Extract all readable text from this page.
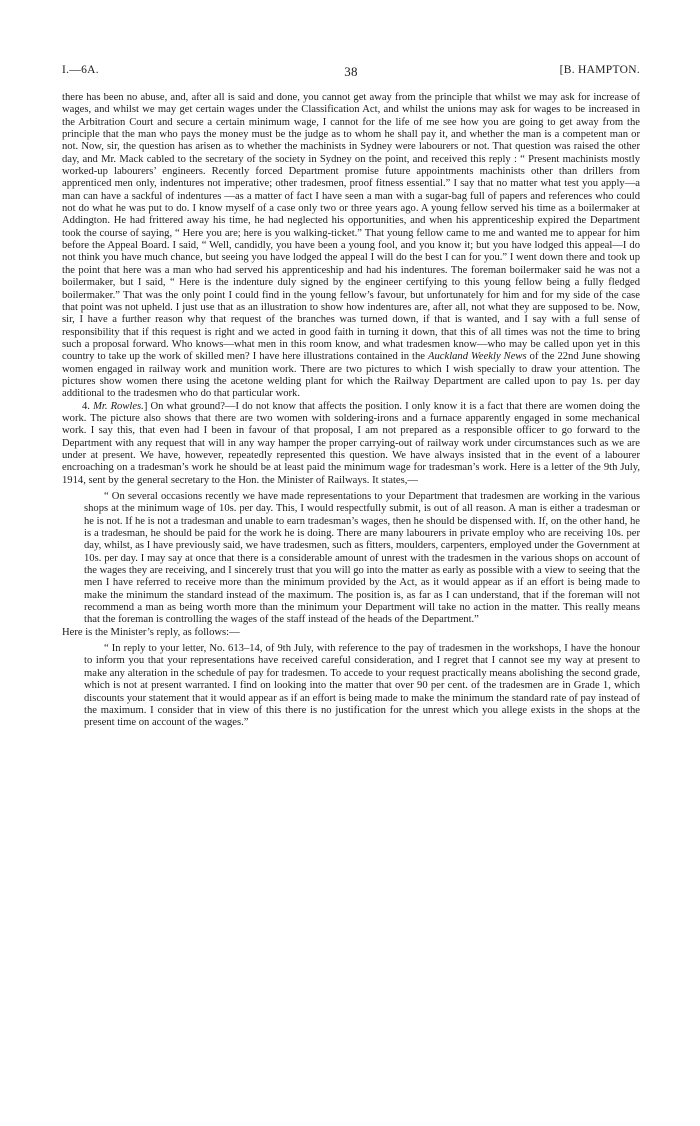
I.—6A.	38	[B. HAMPTON.

there has been no abuse, and, after all is said and done, you cannot get away from the principle that whilst we may ask for increase of wages, and whilst we may get certain wages under the Classification Act, and whilst the unions may ask for wages to be increased in the Arbitration Court and secure a certain minimum wage, I cannot for the life of me see how you are going to get away from the principle that the man who pays the money must be the judge as to whom he shall pay it, and whether the man is a competent man or not. Now, sir, the question has arisen as to whether the machinists in Sydney were labourers or not. That question was raised the other day, and Mr. Mack cabled to the secretary of the society in Sydney on the point, and received this reply : “ Present machinists mostly worked-up labourers’ engineers. Recently forced Department promise future appointments machinists other than drillers from apprenticed men only, indentures not imperative; other tradesmen, proof fitness essential.” I say that no matter what test you apply—a man can have a sackful of indentures —as a matter of fact I have seen a man with a sugar-bag full of papers and references who could not do what he was put to do. I know myself of a case only two or three years ago. A young fellow served his time as a boilermaker at Addington. He had frittered away his time, he had neglected his opportunities, and when his apprenticeship expired the Department took the course of saying, “ Here you are; here is you walking-ticket.” That young fellow came to me and wanted me to appear for him before the Appeal Board. I said, “ Well, candidly, you have been a young fool, and you know it; but you have lodged this appeal—I do not think you have much chance, but seeing you have lodged the appeal I will do the best I can for you.” I went down there and took up the point that here was a man who had served his apprenticeship and had his indentures. The foreman boilermaker said he was not a boilermaker, but I said, “ Here is the indenture duly signed by the engineer certifying to this young fellow being a fully fledged boilermaker.” That was the only point I could find in the young fellow’s favour, but unfortunately for him and for my side of the case that point was not upheld. I just use that as an illustration to show how indentures are, after all, not what they are supposed to be. Now, sir, I have a further reason why that request of the branches was turned down, if that is wanted, and I say with a full sense of responsibility that if this request is right and we acted in good faith in turning it down, that this of all times was not the time to bring such a proposal forward. Who knows—what men in this room know, and what tradesmen know—who may be called upon yet in this country to take up the work of skilled men? I have here illustrations contained in the Auckland Weekly News of the 22nd June showing women engaged in railway work and munition work. There are two pictures to which I wish specially to draw your attention. The pictures show women there using the acetone welding plant for which the Railway Department are called upon to pay 1s. per day additional to the tradesmen who do that particular work.

4. Mr. Rowles.] On what ground?—I do not know that affects the position. I only know it is a fact that there are women doing the work. The picture also shows that there are two women with soldering-irons and a furnace apparently engaged in some mechanical work. I say this, that even had I been in favour of that proposal, I am not prepared as a responsible officer to go forward to the Department with any request that will in any way hamper the proper carrying-out of railway work under circumstances such as we are under at present. We have, however, repeatedly represented this question. We have always insisted that in the event of a labourer encroaching on a tradesman’s work he should be at least paid the minimum wage for tradesman’s work. Here is a letter of the 9th July, 1914, sent by the general secretary to the Hon. the Minister of Railways. It states,—

“ On several occasions recently we have made representations to your Department that tradesmen are working in the various shops at the minimum wage of 10s. per day. This, I would respectfully submit, is out of all reason. A man is either a tradesman or he is not. If he is not a tradesman and unable to earn tradesman’s wages, then he should be dispensed with. If, on the other hand, he is a tradesman, he should be paid for the work he is doing. There are many labourers in private employ who are receiving 10s. per day, whilst, as I have previously said, we have tradesmen, such as fitters, moulders, carpenters, employed under the Government at 10s. per day. I may say at once that there is a considerable amount of unrest with the tradesmen in the various shops on account of the wages they are receiving, and I sincerely trust that you will go into the matter as early as possible with a view to seeing that the men I have referred to receive more than the minimum provided by the Act, as it would appear as if an effort is being made to make the minimum the standard instead of the maximum. The position is, as far as I can understand, that if the foreman will not recommend a man as being worth more than the minimum your Department will take no action in the matter. This really means that the foreman is controlling the wages of the staff instead of the heads of the Department.”

Here is the Minister’s reply, as follows:—

“ In reply to your letter, No. 613–14, of 9th July, with reference to the pay of tradesmen in the workshops, I have the honour to inform you that your representations have received careful consideration, and I regret that I cannot see my way at present to make any alteration in the schedule of pay for tradesmen. To accede to your request practically means abolishing the second grade, which is not at present warranted. I find on looking into the matter that over 90 per cent. of the tradesmen are in Grade 1, which discounts your statement that it would appear as if an effort is being made to make the minimum the standard rate of pay instead of the maximum. I consider that in view of this there is no justification for the unrest which you allege exists in the shops at the present time on account of the wages.”
